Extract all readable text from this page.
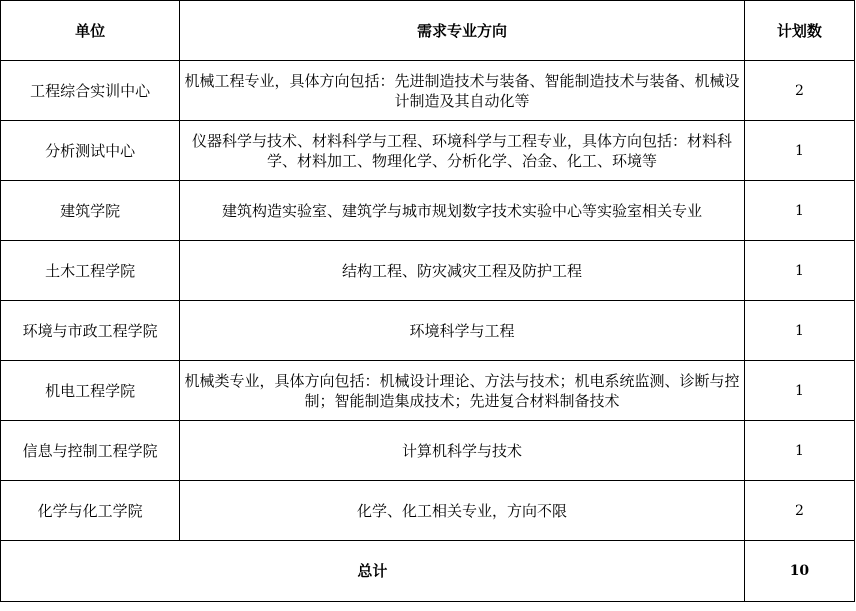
单位	需求专业方向	计划数
工程综合实训中心	机械工程专业，具体方向包括：先进制造技术与装备、智能制造技术与装备、机械设计制造及其自动化等	2
分析测试中心	仪器科学与技术、材料科学与工程、环境科学与工程专业，具体方向包括：材料科学、材料加工、物理化学、分析化学、冶金、化工、环境等	1
建筑学院	建筑构造实验室、建筑学与城市规划数字技术实验中心等实验室相关专业	1
土木工程学院	结构工程、防灾减灾工程及防护工程	1
环境与市政工程学院	环境科学与工程	1
机电工程学院	机械类专业，具体方向包括：机械设计理论、方法与技术；机电系统监测、诊断与控制；智能制造集成技术；先进复合材料制备技术	1
信息与控制工程学院	计算机科学与技术	1
化学与化工学院	化学、化工相关专业，方向不限	2
总计		10
